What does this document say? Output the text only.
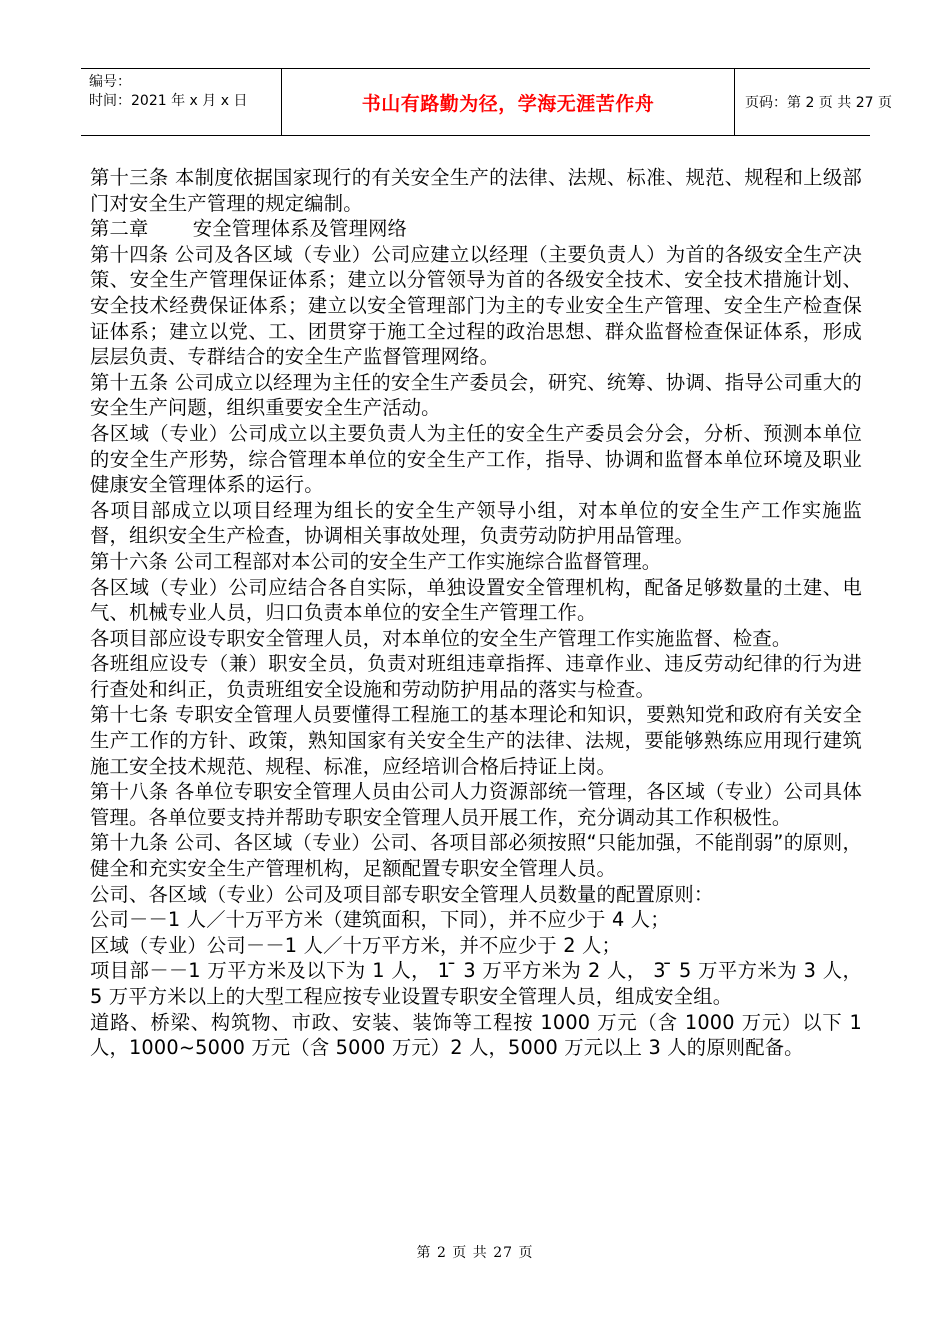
编号：
时间：2021 年 x 月 x 日	书山有路勤为径，学海无涯苦作舟	页码：第 2 页 共 27 页

第十三条 本制度依据国家现行的有关安全生产的法律、法规、标准、规范、规程和上级部门对安全生产管理的规定编制。

第二章       安全管理体系及管理网络

第十四条 公司及各区域（专业）公司应建立以经理（主要负责人）为首的各级安全生产决策、安全生产管理保证体系；建立以分管领导为首的各级安全技术、安全技术措施计划、安全技术经费保证体系；建立以安全管理部门为主的专业安全生产管理、安全生产检查保证体系；建立以党、工、团贯穿于施工全过程的政治思想、群众监督检查保证体系，形成层层负责、专群结合的安全生产监督管理网络。

第十五条 公司成立以经理为主任的安全生产委员会，研究、统筹、协调、指导公司重大的安全生产问题，组织重要安全生产活动。

各区域（专业）公司成立以主要负责人为主任的安全生产委员会分会，分析、预测本单位的安全生产形势，综合管理本单位的安全生产工作，指导、协调和监督本单位环境及职业健康安全管理体系的运行。

各项目部成立以项目经理为组长的安全生产领导小组，对本单位的安全生产工作实施监督，组织安全生产检查，协调相关事故处理，负责劳动防护用品管理。

第十六条 公司工程部对本公司的安全生产工作实施综合监督管理。

各区域（专业）公司应结合各自实际，单独设置安全管理机构，配备足够数量的土建、电气、机械专业人员，归口负责本单位的安全生产管理工作。

各项目部应设专职安全管理人员，对本单位的安全生产管理工作实施监督、检查。

各班组应设专（兼）职安全员，负责对班组违章指挥、违章作业、违反劳动纪律的行为进行查处和纠正，负责班组安全设施和劳动防护用品的落实与检查。

第十七条 专职安全管理人员要懂得工程施工的基本理论和知识，要熟知党和政府有关安全生产工作的方针、政策，熟知国家有关安全生产的法律、法规，要能够熟练应用现行建筑施工安全技术规范、规程、标准，应经培训合格后持证上岗。

第十八条 各单位专职安全管理人员由公司人力资源部统一管理，各区域（专业）公司具体管理。各单位要支持并帮助专职安全管理人员开展工作，充分调动其工作积极性。

第十九条 公司、各区域（专业）公司、各项目部必须按照“只能加强，不能削弱”的原则，健全和充实安全生产管理机构，足额配置专职安全管理人员。

公司、各区域（专业）公司及项目部专职安全管理人员数量的配置原则：

公司－－1 人／十万平方米（建筑面积，下同），并不应少于 4 人；

区域（专业）公司－－1 人／十万平方米，并不应少于 2 人；

项目部－－1 万平方米及以下为 1 人， 1 ̄ 3 万平方米为 2 人， 3 ̄ 5 万平方米为 3 人， 5 万平方米以上的大型工程应按专业设置专职安全管理人员，组成安全组。

道路、桥梁、构筑物、市政、安装、装饰等工程按 1000 万元（含 1000 万元）以下 1 人，1000~5000 万元（含 5000 万元）2 人，5000 万元以上 3 人的原则配备。

第 2 页 共 27 页
